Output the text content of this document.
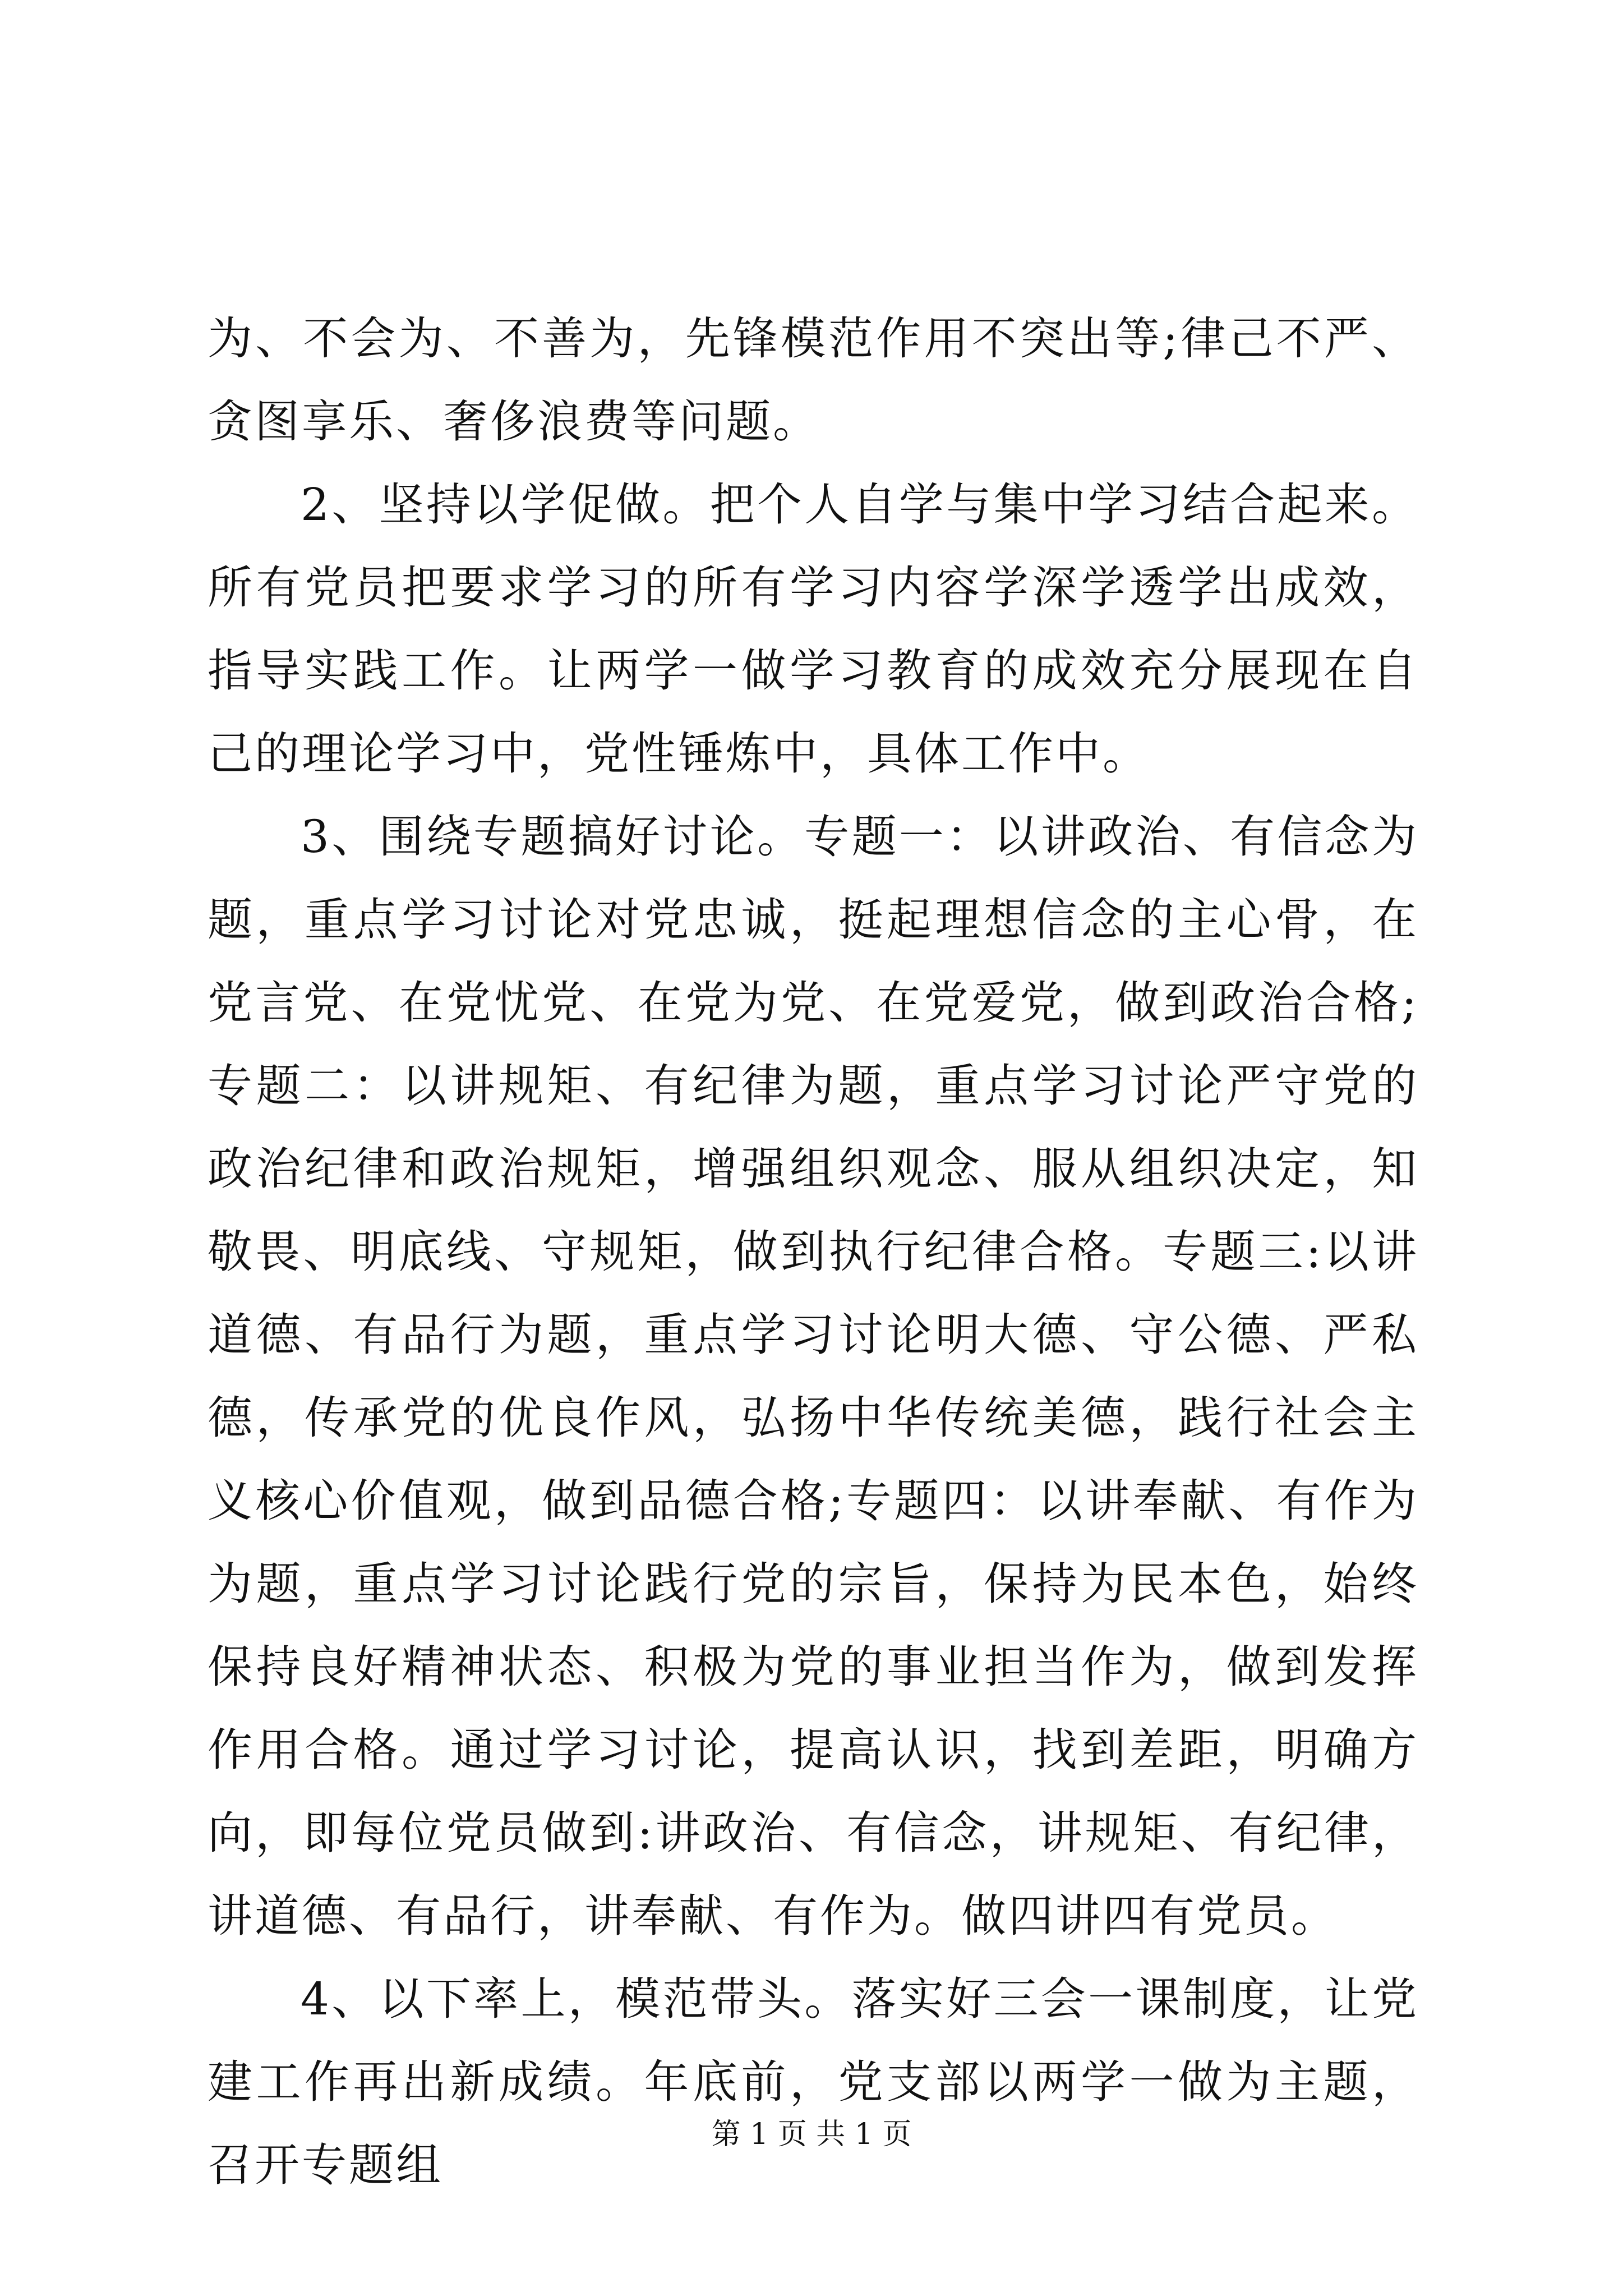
为、不会为、不善为，先锋模范作用不突出等;律己不严、贪图享乐、奢侈浪费等问题。

2、坚持以学促做。把个人自学与集中学习结合起来。所有党员把要求学习的所有学习内容学深学透学出成效，指导实践工作。让两学一做学习教育的成效充分展现在自己的理论学习中，党性锤炼中，具体工作中。

3、围绕专题搞好讨论。专题一：以讲政治、有信念为题，重点学习讨论对党忠诚，挺起理想信念的主心骨，在党言党、在党忧党、在党为党、在党爱党，做到政治合格;专题二：以讲规矩、有纪律为题，重点学习讨论严守党的政治纪律和政治规矩，增强组织观念、服从组织决定，知敬畏、明底线、守规矩，做到执行纪律合格。专题三:以讲道德、有品行为题，重点学习讨论明大德、守公德、严私德，传承党的优良作风，弘扬中华传统美德，践行社会主义核心价值观，做到品德合格;专题四：以讲奉献、有作为为题，重点学习讨论践行党的宗旨，保持为民本色，始终保持良好精神状态、积极为党的事业担当作为，做到发挥作用合格。通过学习讨论，提高认识，找到差距，明确方向，即每位党员做到:讲政治、有信念，讲规矩、有纪律，讲道德、有品行，讲奉献、有作为。做四讲四有党员。

4、以下率上，模范带头。落实好三会一课制度，让党建工作再出新成绩。年底前，党支部以两学一做为主题，召开专题组

第 1 页 共 1 页
